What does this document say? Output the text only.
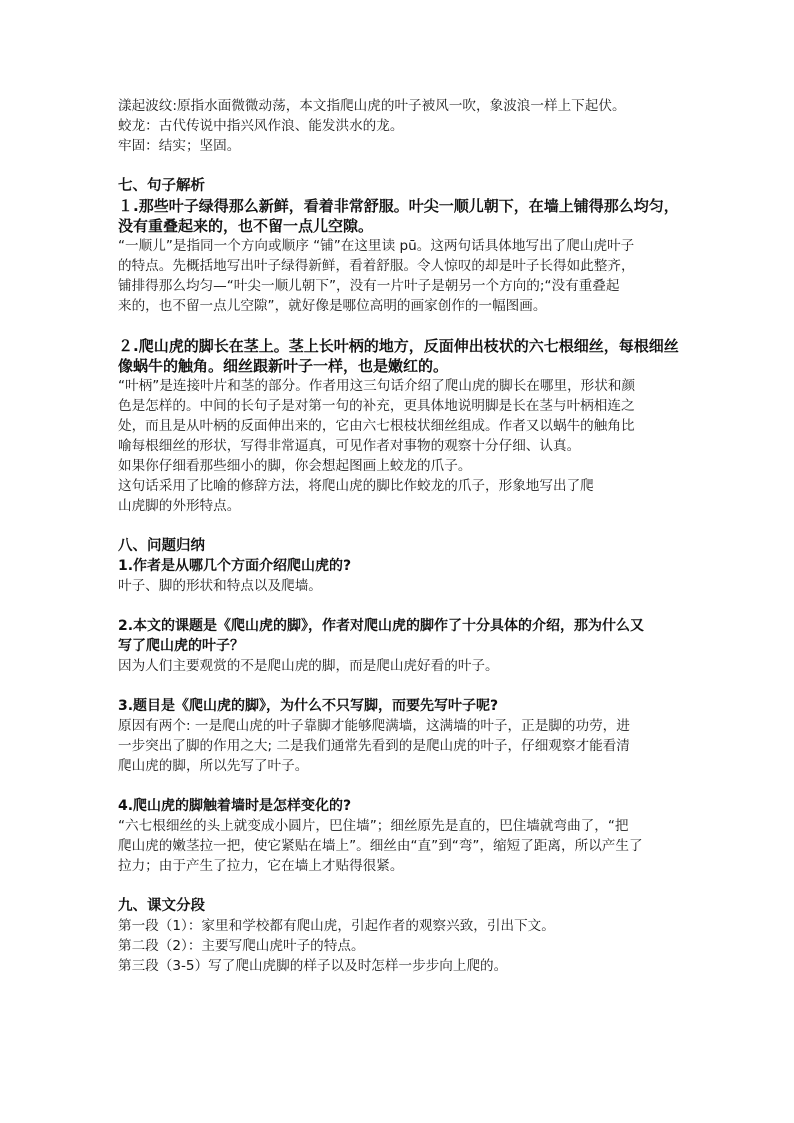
漾起波纹:原指水面微微动荡，本文指爬山虎的叶子被风一吹，象波浪一样上下起伏。
蛟龙：古代传说中指兴风作浪、能发洪水的龙。
牢固：结实；坚固。
七、句子解析
１.那些叶子绿得那么新鲜，看着非常舒服。叶尖一顺儿朝下，在墙上铺得那么均匀，
没有重叠起来的，也不留一点儿空隙。
“一顺儿”是指同一个方向或顺序 “铺”在这里读 pū。这两句话具体地写出了爬山虎叶子
的特点。先概括地写出叶子绿得新鲜，看着舒服。令人惊叹的却是叶子长得如此整齐，
铺排得那么均匀—“叶尖一顺儿朝下”，没有一片叶子是朝另一个方向的;“没有重叠起
来的，也不留一点儿空隙”，就好像是哪位高明的画家创作的一幅图画。
２.爬山虎的脚长在茎上。茎上长叶柄的地方，反面伸出枝状的六七根细丝，每根细丝
像蜗牛的触角。细丝跟新叶子一样，也是嫩红的。
“叶柄”是连接叶片和茎的部分。作者用这三句话介绍了爬山虎的脚长在哪里，形状和颜
色是怎样的。中间的长句子是对第一句的补充，更具体地说明脚是长在茎与叶柄相连之
处，而且是从叶柄的反面伸出来的，它由六七根枝状细丝组成。作者又以蜗牛的触角比
喻每根细丝的形状，写得非常逼真，可见作者对事物的观察十分仔细、认真。
如果你仔细看那些细小的脚，你会想起图画上蛟龙的爪子。
这句话采用了比喻的修辞方法，将爬山虎的脚比作蛟龙的爪子，形象地写出了爬
山虎脚的外形特点。
八、问题归纳
1.作者是从哪几个方面介绍爬山虎的?
叶子、脚的形状和特点以及爬墙。
2.本文的课题是《爬山虎的脚》，作者对爬山虎的脚作了十分具体的介绍，那为什么又
写了爬山虎的叶子？
因为人们主要观赏的不是爬山虎的脚，而是爬山虎好看的叶子。
3.题目是《爬山虎的脚》，为什么不只写脚，而要先写叶子呢?
原因有两个: 一是爬山虎的叶子靠脚才能够爬满墙，这满墙的叶子，正是脚的功劳，进
一步突出了脚的作用之大; 二是我们通常先看到的是爬山虎的叶子，仔细观察才能看清
爬山虎的脚，所以先写了叶子。
4.爬山虎的脚触着墙时是怎样变化的?
“六七根细丝的头上就变成小圆片，巴住墙”；细丝原先是直的，巴住墙就弯曲了，“把
爬山虎的嫩茎拉一把，使它紧贴在墙上”。细丝由“直”到“弯”，缩短了距离，所以产生了
拉力；由于产生了拉力，它在墙上才贴得很紧。
九、课文分段
第一段（1）：家里和学校都有爬山虎，引起作者的观察兴致，引出下文。
第二段（2）：主要写爬山虎叶子的特点。
第三段（3-5）写了爬山虎脚的样子以及时怎样一步步向上爬的。
